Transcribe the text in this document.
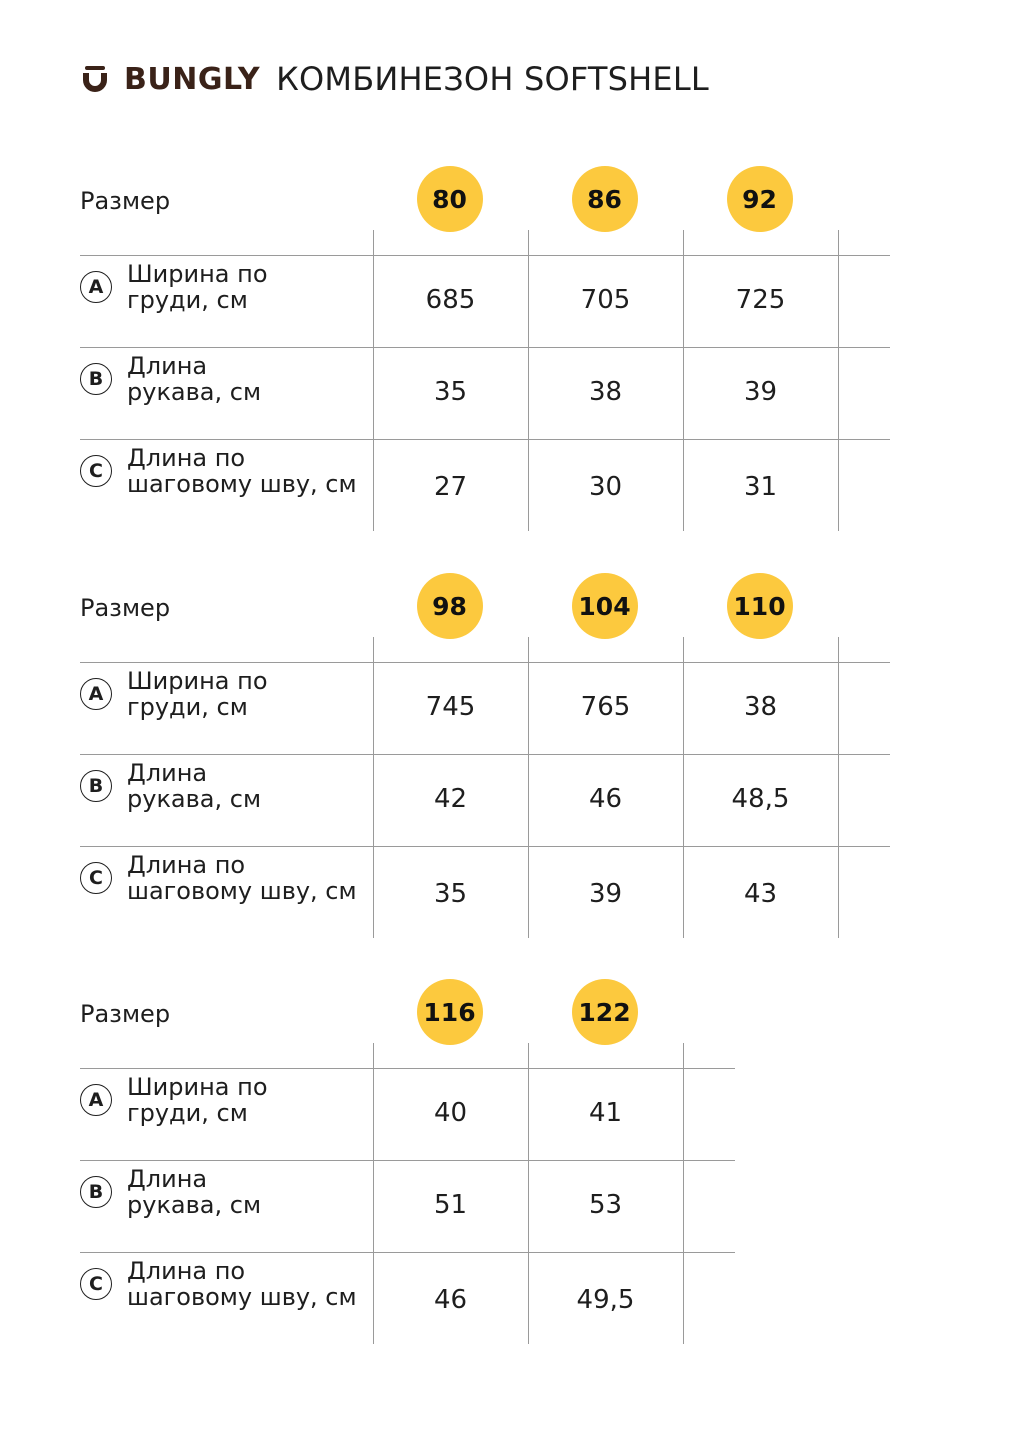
BUNGLY КОМБИНЕЗОН SOFTSHELL
Размер	80	86	92
A Ширина по
груди, см	685	705	725
B Длина
рукава, см	35	38	39
C	Длина по
шаговому шву, см	27	30	31
Размер	98	104	110
A Ширина по
груди, см	745	765	38
B Длина
рукава, см	42	46	48,5
C	Длина по
шаговому шву, см	35	39	43
Размер	116	122
A Ширина по
груди, см	40	41
B Длина
рукава, см	51	53
C	Длина по
шаговому шву, см	46	49,5
